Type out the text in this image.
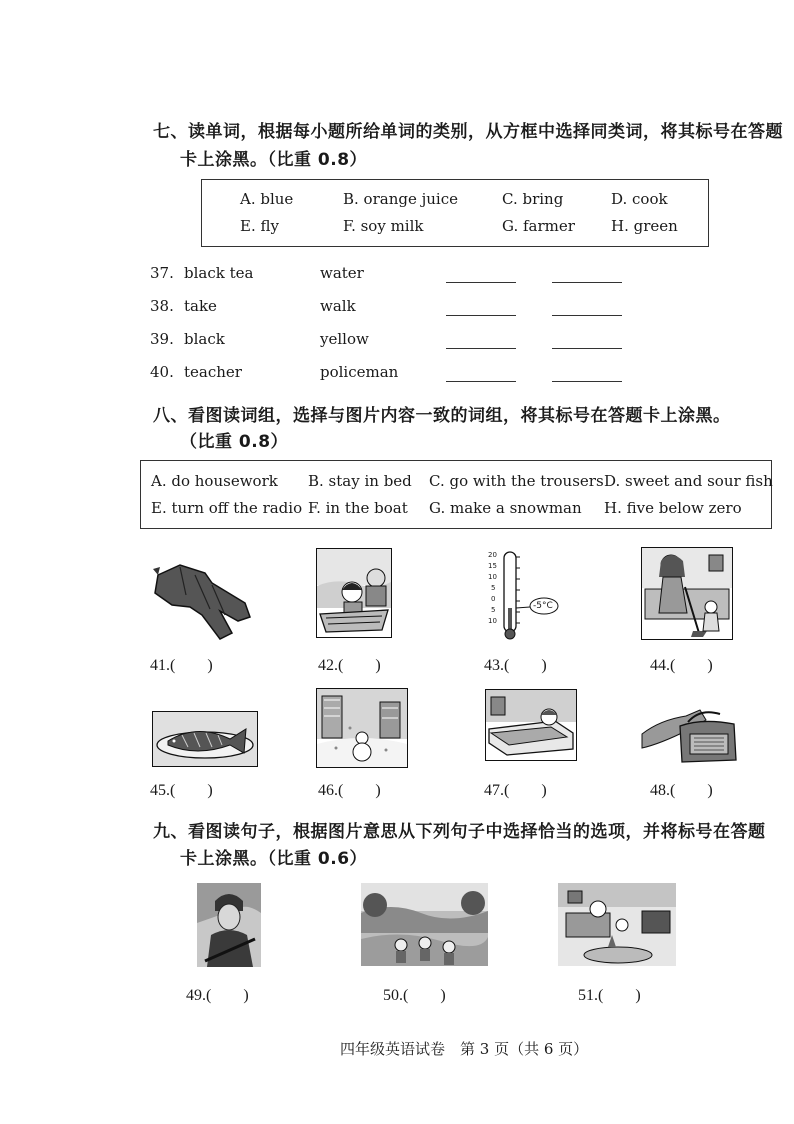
七、读单词，根据每小题所给单词的类别，从方框中选择同类词，将其标号在答题
卡上涂黑。（比重 0.8）
A. blue	B. orange juice	C. bring	D. cook
E. fly	F. soy milk	G. farmer H. green
37. black tea	water
38. take	walk
39. black	yellow
40. teacher	policeman
八、看图读词组，选择与图片内容一致的词组，将其标号在答题卡上涂黑。
（比重 0.8）
A. do housework B. stay in bed C. go with the trousers D. sweet and sour fish
E. turn off the radio F. in the boat G. make a snowman H. five below zero
20
15
10
5
0
5
10
-5°C
41.(　　)	42.(　　)	43.(　　)	44.(　　)
45.(　　)	46.(　　)	47.(　　)	48.(　　)
九、看图读句子，根据图片意思从下列句子中选择恰当的选项，并将标号在答题
卡上涂黑。（比重 0.6）
49.(　　)	50.(　　)	51.(　　)
四年级英语试卷　第 3 页（共 6 页）
